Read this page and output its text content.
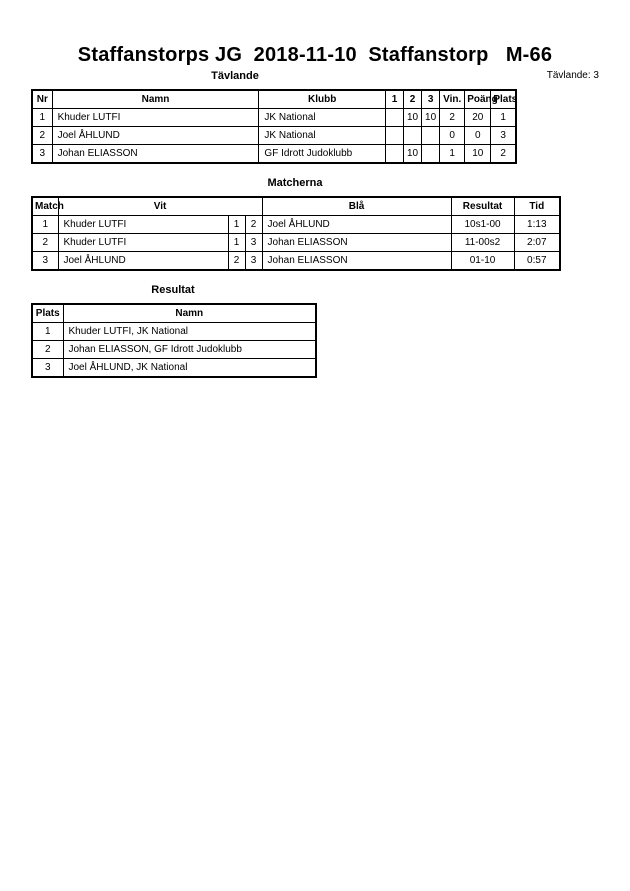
Staffanstorps JG  2018-11-10  Staffanstorp   M-66
Tävlande	Tävlande: 3
Nr	Namn	Klubb	1	2	3	Vin.	Poäng	Plats
1	Khuder LUTFI	JK National		10	10	2	20	1
2	Joel ÅHLUND	JK National				0	0	3
3	Johan ELIASSON	GF Idrott Judoklubb		10		1	10	2
Matcherna
Match	Vit			Blå	Resultat	Tid
1	Khuder LUTFI	1	2	Joel ÅHLUND	10s1-00	1:13
2	Khuder LUTFI	1	3	Johan ELIASSON	11-00s2	2:07
3	Joel ÅHLUND	2	3	Johan ELIASSON	01-10	0:57
Resultat
Plats	Namn
1	Khuder LUTFI, JK National
2	Johan ELIASSON, GF Idrott Judoklubb
3	Joel ÅHLUND, JK National
